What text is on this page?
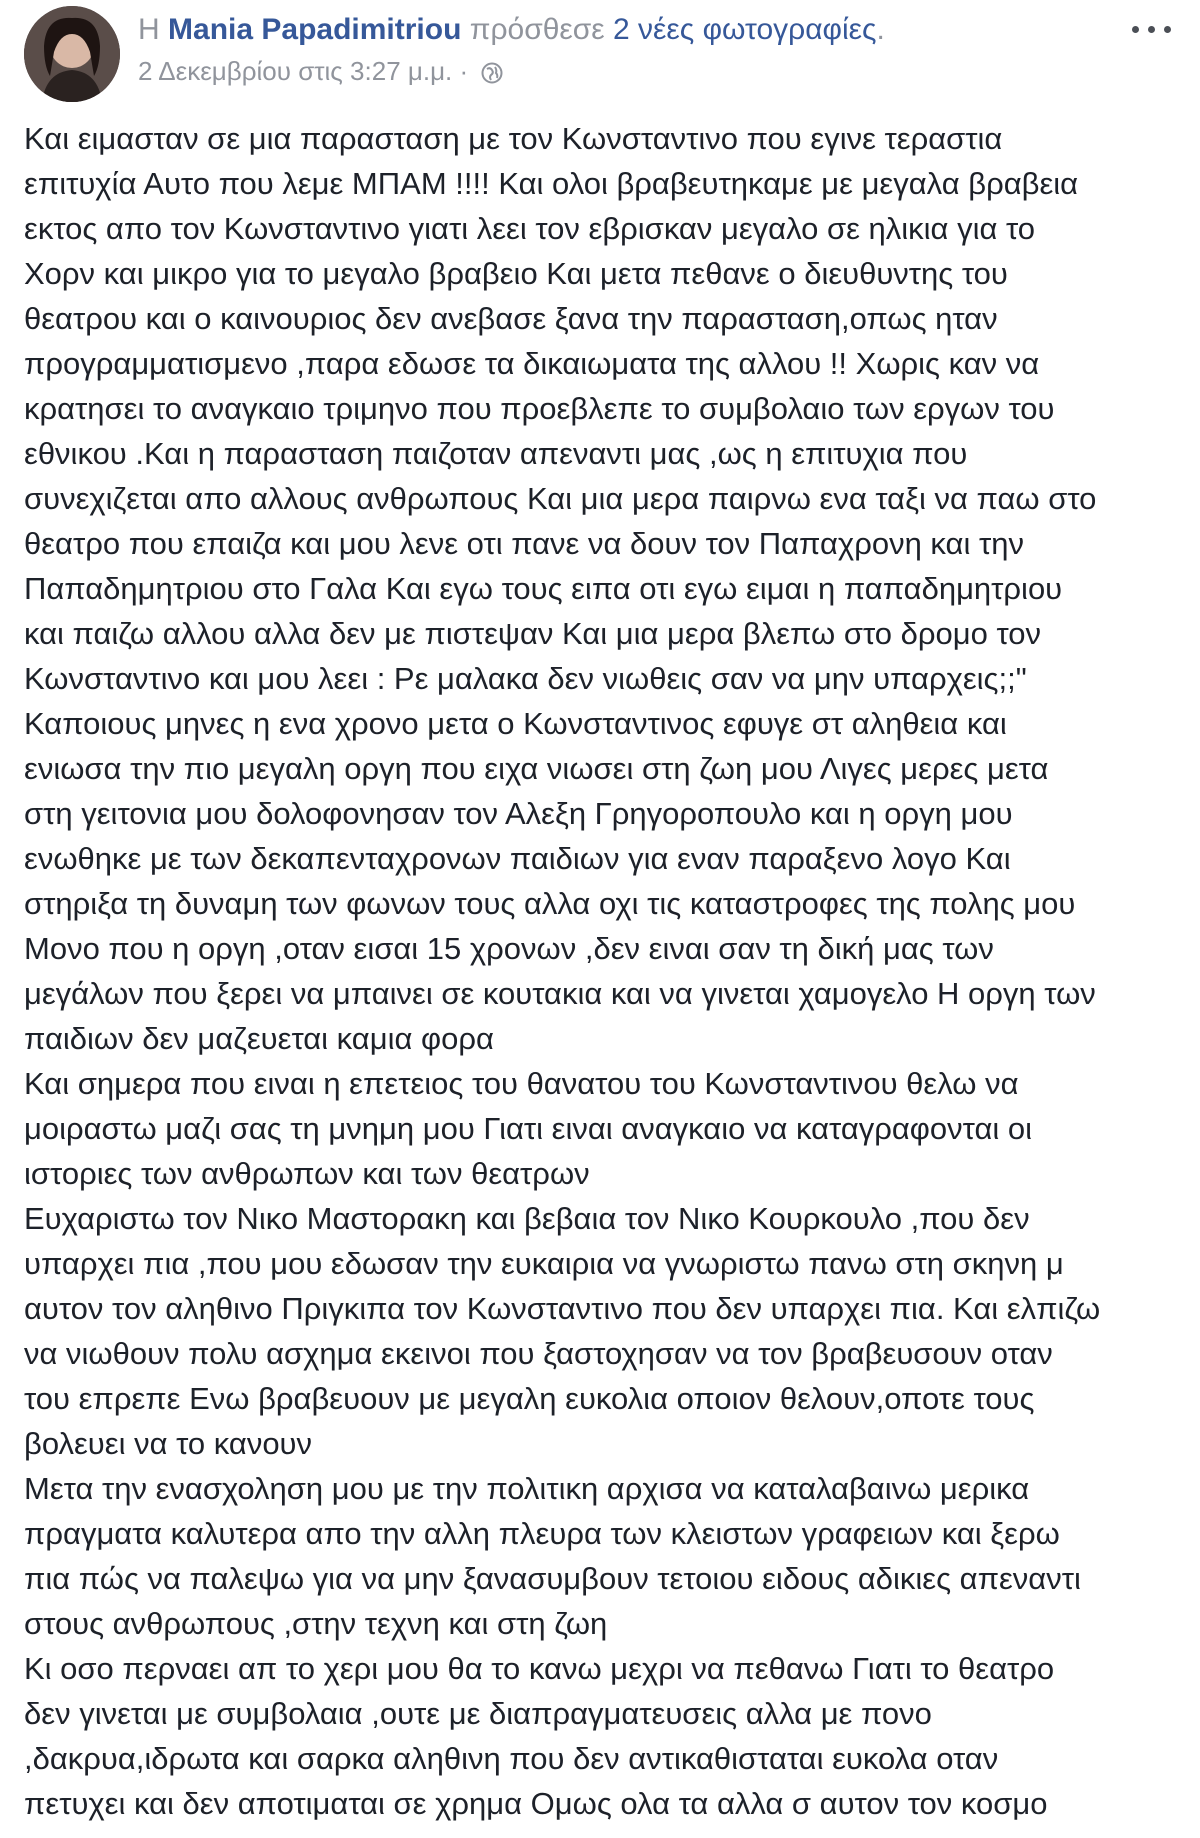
Η Mania Papadimitriou πρόσθεσε 2 νέες φωτογραφίες.
2 Δεκεμβρίου στις 3:27 μ.μ. ·
Και ειμασταν σε μια παρασταση με τον Κωνσταντινο που εγινε τεραστια
επιτυχία Αυτο που λεμε ΜΠΑΜ !!!! Και ολοι βραβευτηκαμε με μεγαλα βραβεια
εκτος απο τον Κωνσταντινο γιατι λεει τον εβρισκαν μεγαλο σε ηλικια για το
Χορν και μικρο για το μεγαλο βραβειο Και μετα πεθανε ο διευθυντης του
θεατρου και ο καινουριος δεν ανεβασε ξανα την παρασταση,οπως ηταν
προγραμματισμενο ,παρα εδωσε τα δικαιωματα της αλλου !! Χωρις καν να
κρατησει το αναγκαιο τριμηνο που προεβλεπε το συμβολαιο των εργων του
εθνικου .Και η παρασταση παιζοταν απεναντι μας ,ως η επιτυχια που
συνεχιζεται απο αλλους ανθρωπους Και μια μερα παιρνω ενα ταξι να παω στο
θεατρο που επαιζα και μου λενε οτι πανε να δουν τον Παπαχρονη και την
Παπαδημητριου στο Γαλα Και εγω τους ειπα οτι εγω ειμαι η παπαδημητριου
και παιζω αλλου αλλα δεν με πιστεψαν Και μια μερα βλεπω στο δρομο τον
Κωνσταντινο και μου λεει : Ρε μαλακα δεν νιωθεις σαν να μην υπαρχεις;;"
Καποιους μηνες η ενα χρονο μετα ο Κωνσταντινος εφυγε στ αληθεια και
ενιωσα την πιο μεγαλη οργη που ειχα νιωσει στη ζωη μου Λιγες μερες μετα
στη γειτονια μου δολοφονησαν τον Αλεξη Γρηγοροπουλο και η οργη μου
ενωθηκε με των δεκαπενταχρονων παιδιων για εναν παραξενο λογο Και
στηριξα τη δυναμη των φωνων τους αλλα οχι τις καταστροφες της πολης μου
Μονο που η οργη ,οταν εισαι 15 χρονων ,δεν ειναι σαν τη δική μας των
μεγάλων που ξερει να μπαινει σε κουτακια και να γινεται χαμογελο Η οργη των
παιδιων δεν μαζευεται καμια φορα
Και σημερα που ειναι η επετειος του θανατου του Κωνσταντινου θελω να
μοιραστω μαζι σας τη μνημη μου Γιατι ειναι αναγκαιο να καταγραφονται οι
ιστοριες των ανθρωπων και των θεατρων
Ευχαριστω τον Νικο Μαστορακη και βεβαια τον Νικο Κουρκουλο ,που δεν
υπαρχει πια ,που μου εδωσαν την ευκαιρια να γνωριστω πανω στη σκηνη μ
αυτον τον αληθινο Πριγκιπα τον Κωνσταντινο που δεν υπαρχει πια. Και ελπιζω
να νιωθουν πολυ ασχημα εκεινοι που ξαστοχησαν να τον βραβευσουν οταν
του επρεπε Ενω βραβευουν με μεγαλη ευκολια οποιον θελουν,οποτε τους
βολευει να το κανουν
Μετα την ενασχοληση μου με την πολιτικη αρχισα να καταλαβαινω μερικα
πραγματα καλυτερα απο την αλλη πλευρα των κλειστων γραφειων και ξερω
πια πώς να παλεψω για να μην ξανασυμβουν τετοιου ειδους αδικιες απεναντι
στους ανθρωπους ,στην τεχνη και στη ζωη
Κι οσο περναει απ το χερι μου θα το κανω μεχρι να πεθανω Γιατι το θεατρο
δεν γινεται με συμβολαια ,ουτε με διαπραγματευσεις αλλα με πονο
,δακρυα,ιδρωτα και σαρκα αληθινη που δεν αντικαθισταται ευκολα οταν
πετυχει και δεν αποτιμαται σε χρημα Ομως ολα τα αλλα σ αυτον τον κοσμο
